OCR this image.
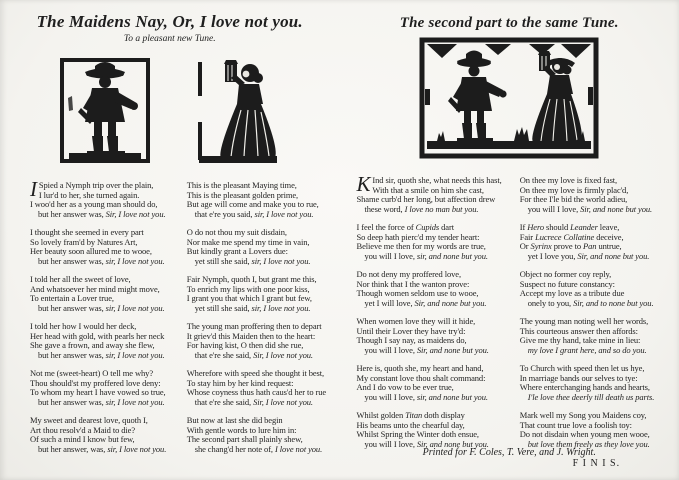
The Maidens Nay, Or, I love not you.
To a pleasant new Tune.
I Spied a Nymph trip over the plain,
I lur'd to her, she turned again.
I woo'd her as a young man should do,
but her answer was, Sir, I love not you.
I thought she seemed in every part
So lovely fram'd by Natures Art,
Her beauty soon allured me to wooe,
but her answer was, sir, I love not you.
I told her all the sweet of love,
And whatsoever her mind might move,
To entertain a Lover true,
but her answer was, sir, I love not you.
I told her how I would her deck,
Her head with gold, with pearls her neck
She gave a frown, and away she flew,
but her answer was, sir, I love not you.
Not me (sweet-heart) O tell me why?
Thou should'st my proffered love deny:
To whom my heart I have vowed so true,
but her answer was, sir, I love not you.
My sweet and dearest love, quoth I,
Art thou resolv'd a Maid to die?
Of such a mind I know but few,
but her answer, was, sir, I love not you.
This is the pleasant Maying time,
This is the pleasant golden prime,
But age will come and make you to rue,
that e're you said, sir, I love not you.
O do not thou my suit disdain,
Nor make me spend my time in vain,
But kindly grant a Lovers due:
yet still she said, sir, I love not you.
Fair Nymph, quoth I, but grant me this,
To enrich my lips with one poor kiss,
I grant you that which I grant but few,
yet still she said, sir, I love not you.
The young man proffering then to depart
It griev'd this Maiden then to the heart:
For having kist, O then did she rue,
that e're she said, Sir, I love not you.
Wherefore with speed she thought it best,
To stay him by her kind request:
Whose coyness thus hath caus'd her to rue
that e're she said, Sir, I love not you.
But now at last she did begin
With gentle words to lure him in:
The second part shall plainly shew,
she chang'd her note of, I love not you.
The second part to the same Tune.
K Ind sir, quoth she, what needs this hast,
With that a smile on him she cast,
Shame curb'd her long, but affection drew
these word, I love no man but you.
I feel the force of Cupids dart
So deep hath pierc'd my tender heart:
Believe me then for my words are true,
you will I love, sir, and none but you.
Do not deny my proffered love,
Nor think that I the wanton prove:
Though women seldom use to wooe,
yet I will love, Sir, and none but you.
When women love they will it hide,
Until their Lover they have try'd:
Though I say nay, as maidens do,
you will I love, Sir, and none but you.
Here is, quoth she, my heart and hand,
My constant love thou shalt command:
And I do vow to be ever true,
you will I love, sir, and none but you.
Whilst golden Titan doth display
His beams unto the chearful day,
Whilst Spring the Winter doth ensue,
you will I love, Sir, and none but you.
On thee my love is fixed fast,
On thee my love is firmly plac'd,
For thee I'le bid the world adieu,
you will I love, Sir, and none but you.
If Hero should Leander leave,
Fair Lucrece Collatine deceive,
Or Syrinx prove to Pan untrue,
yet I love you, Sir, and none but you.
Object no former coy reply,
Suspect no future constancy:
Accept my love as a tribute due
onely to you, Sir, and to none but you.
The young man noting well her words,
This courteous answer then affords:
Give me thy hand, take mine in lieu:
my love I grant here, and so do you.
To Church with speed then let us hye,
In marriage bands our selves to tye:
Where enterchanging hands and hearts,
I'le love thee deerly till death us parts.
Mark well my Song you Maidens coy,
That count true love a foolish toy:
Do not disdain when young men wooe,
but love them freely as they love you.
F I N I S.
Printed for F. Coles, T. Vere, and J. Wright.
